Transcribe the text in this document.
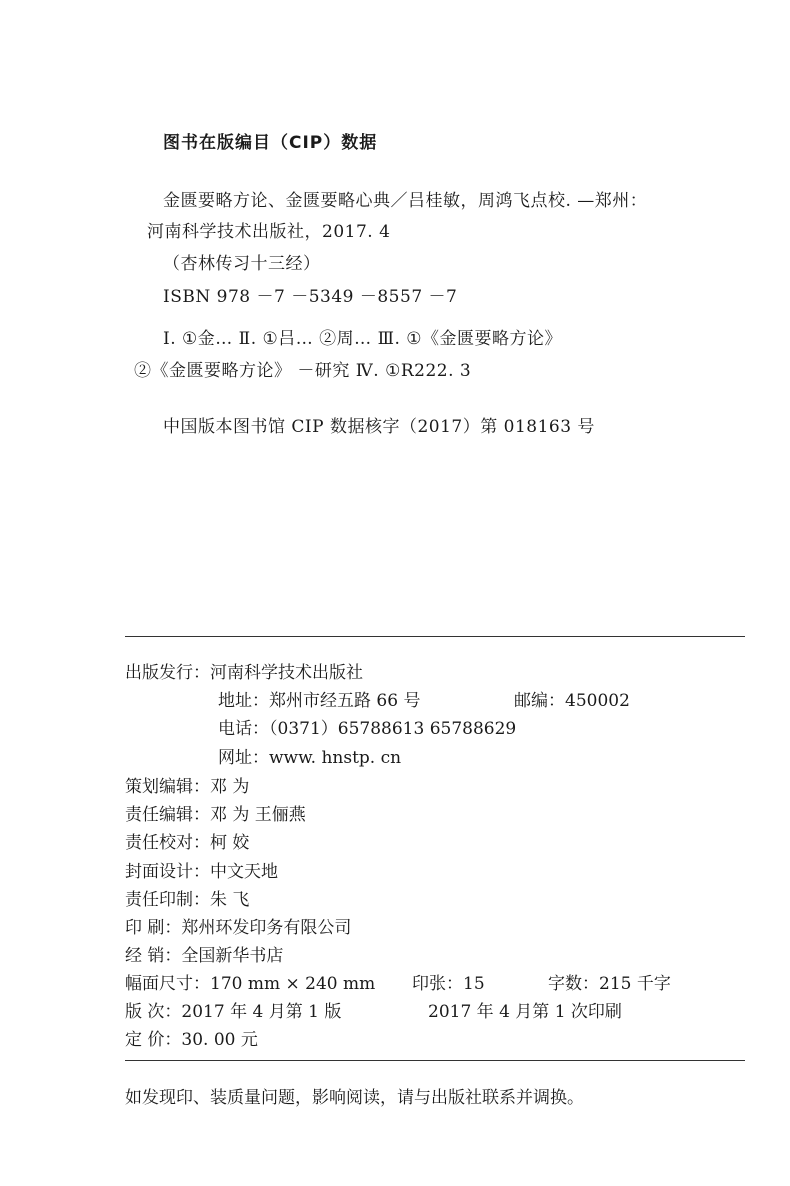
图书在版编目（CIP）数据
金匮要略方论、金匮要略心典／吕桂敏，周鸿飞点校. —郑州：
河南科学技术出版社，2017. 4
（杏林传习十三经）
ISBN 978 －7 －5349 －8557 －7
Ⅰ. ①金… Ⅱ. ①吕… ②周… Ⅲ. ①《金匮要略方论》
②《金匮要略方论》 －研究 Ⅳ. ①R222. 3
中国版本图书馆 CIP 数据核字（2017）第 018163 号
出版发行：河南科学技术出版社
地址：郑州市经五路 66 号	邮编：450002
电话：（0371）65788613 65788629
网址：www. hnstp. cn
策划编辑：邓 为
责任编辑：邓 为 王俪燕
责任校对：柯 姣
封面设计：中文天地
责任印制：朱 飞
印 刷：郑州环发印务有限公司
经 销：全国新华书店
幅面尺寸：170 mm × 240 mm 印张：15	字数：215 千字
版 次：2017 年 4 月第 1 版	2017 年 4 月第 1 次印刷
定 价：30. 00 元
如发现印、装质量问题，影响阅读，请与出版社联系并调换。
